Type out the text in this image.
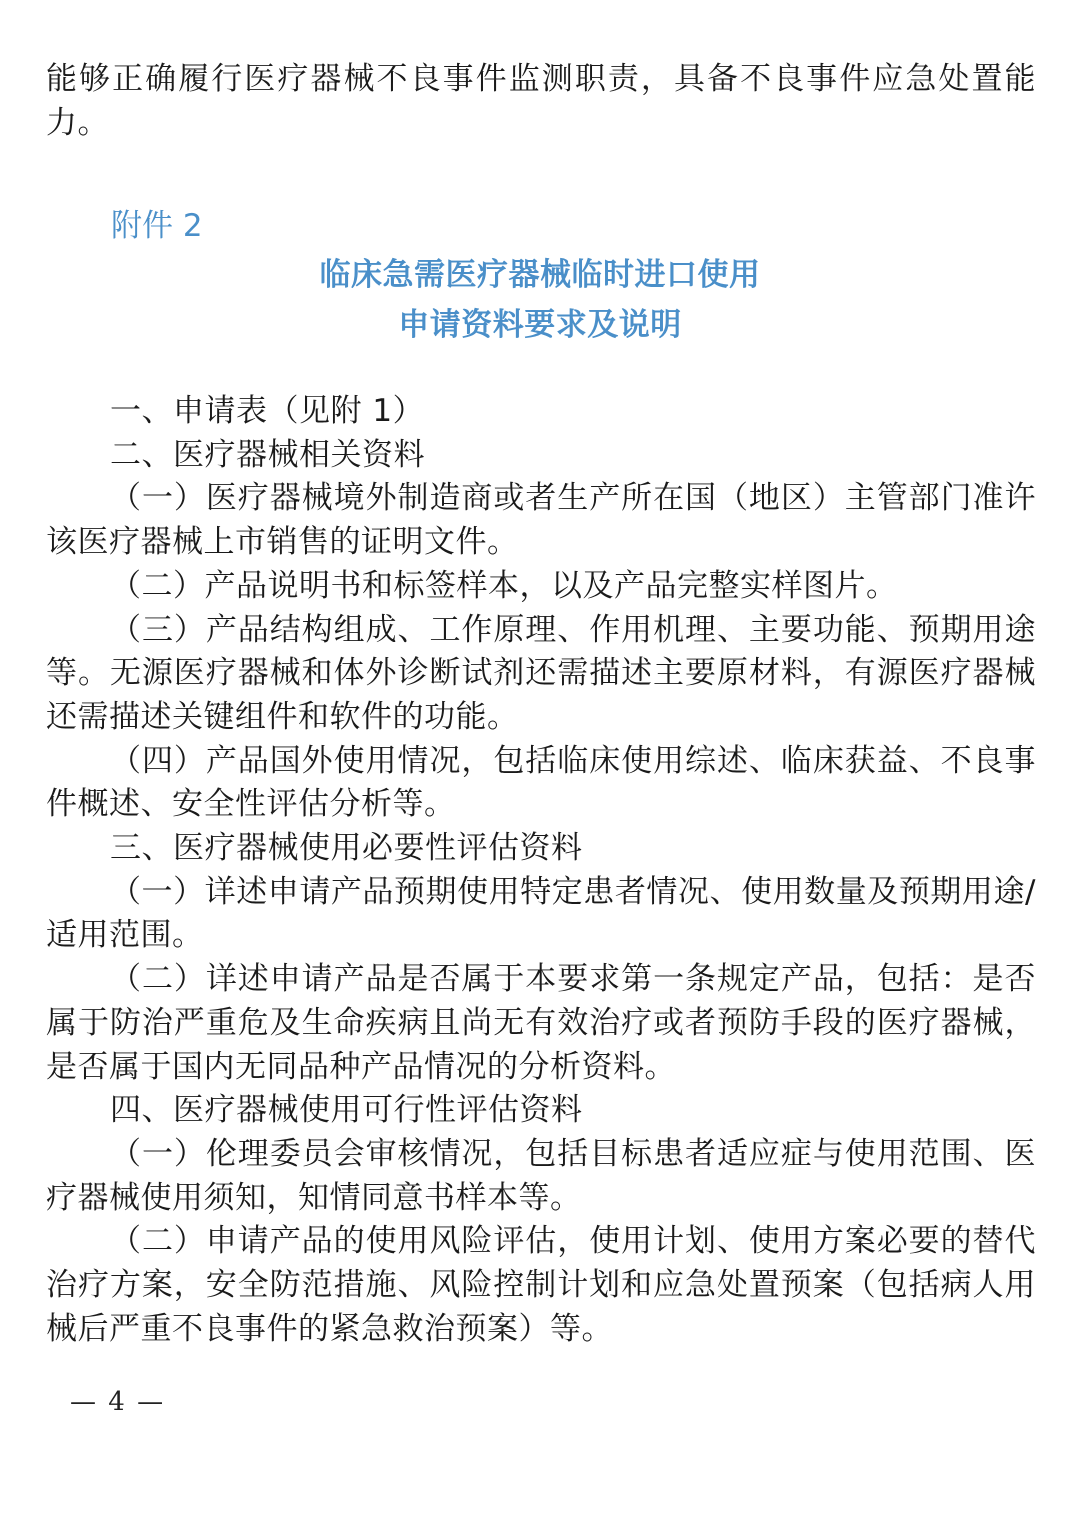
能够正确履行医疗器械不良事件监测职责，具备不良事件应急处置能力。

附件 2
临床急需医疗器械临时进口使用
申请资料要求及说明

一、申请表（见附 1）

二、医疗器械相关资料

（一）医疗器械境外制造商或者生产所在国（地区）主管部门准许该医疗器械上市销售的证明文件。

（二）产品说明书和标签样本，以及产品完整实样图片。

（三）产品结构组成、工作原理、作用机理、主要功能、预期用途等。无源医疗器械和体外诊断试剂还需描述主要原材料，有源医疗器械还需描述关键组件和软件的功能。

（四）产品国外使用情况，包括临床使用综述、临床获益、不良事件概述、安全性评估分析等。

三、医疗器械使用必要性评估资料

（一）详述申请产品预期使用特定患者情况、使用数量及预期用途/适用范围。

（二）详述申请产品是否属于本要求第一条规定产品，包括：是否属于防治严重危及生命疾病且尚无有效治疗或者预防手段的医疗器械，是否属于国内无同品种产品情况的分析资料。

四、医疗器械使用可行性评估资料

（一）伦理委员会审核情况，包括目标患者适应症与使用范围、医疗器械使用须知，知情同意书样本等。

（二）申请产品的使用风险评估，使用计划、使用方案必要的替代治疗方案，安全防范措施、风险控制计划和应急处置预案（包括病人用械后严重不良事件的紧急救治预案）等。

— 4 —
